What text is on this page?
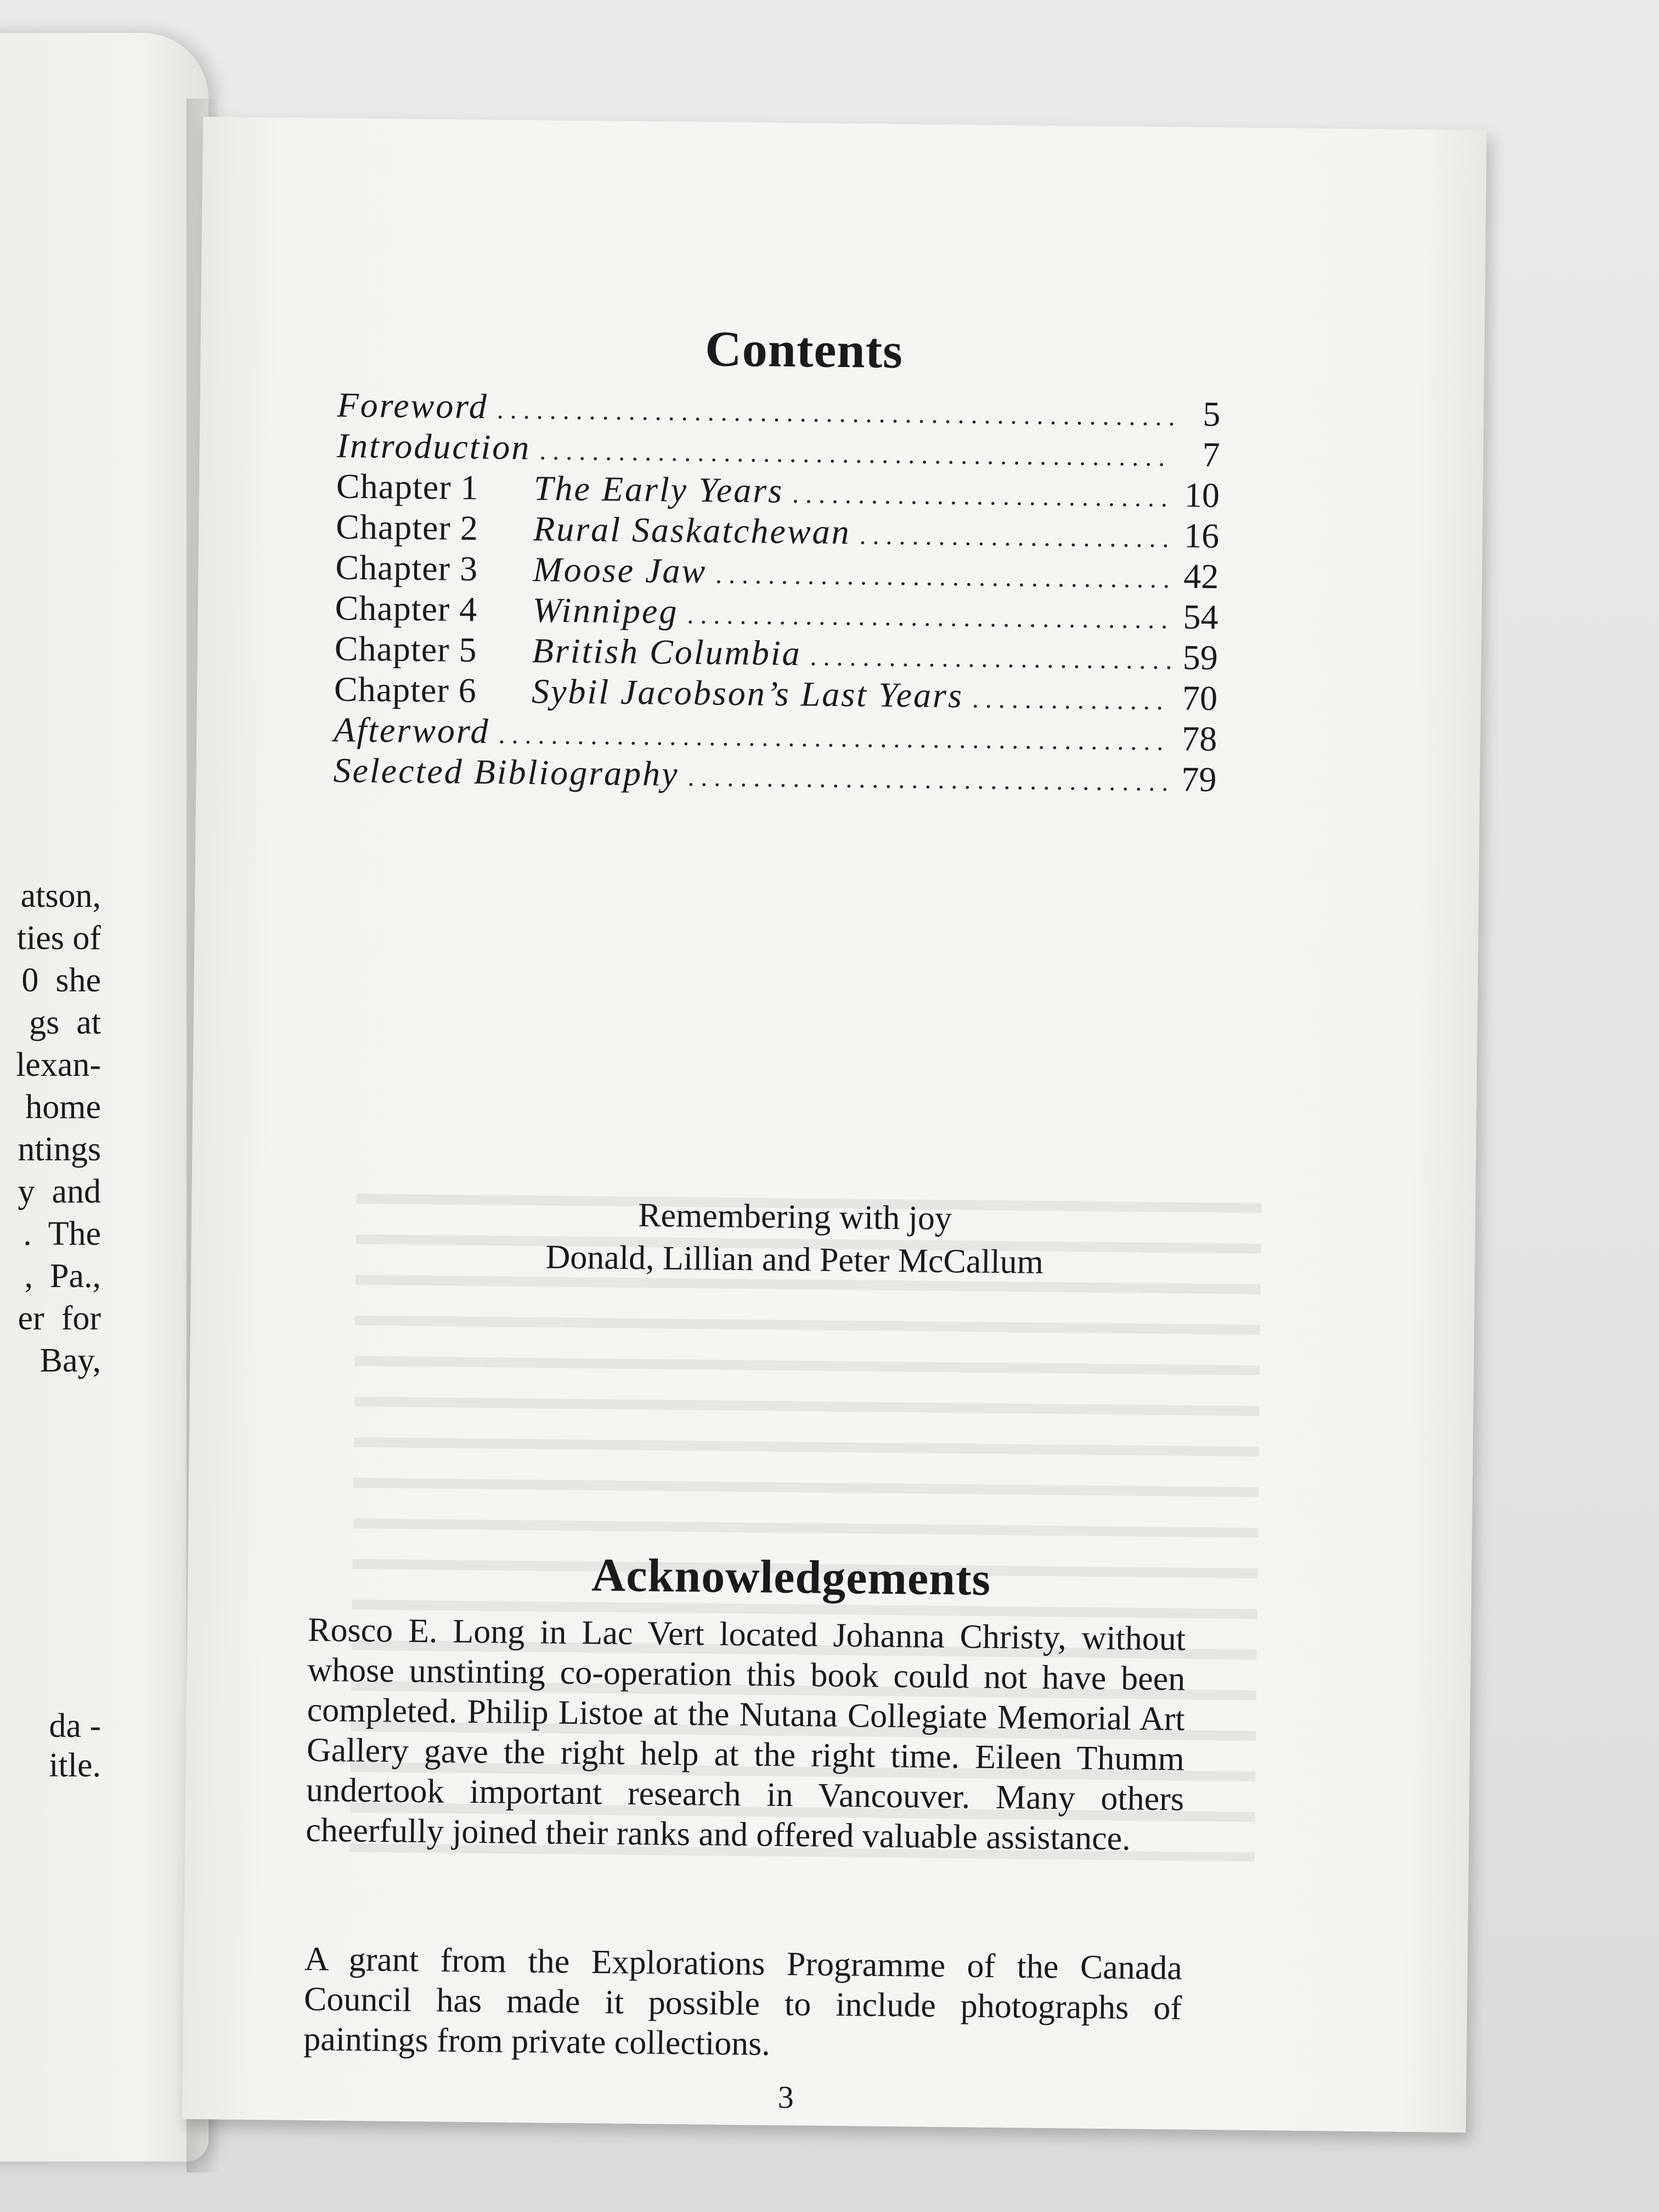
atson,
ties of
0  she
gs  at
lexan-
home
ntings
y  and
.  The
,  Pa.,
er  for
Bay,
da -
itle.
Contents
Foreword .....	5
Introduction .....	7
Chapter 1	The Early Years .....	10
Chapter 2	Rural Saskatchewan .....	16
Chapter 3	Moose Jaw .....	42
Chapter 4	Winnipeg .....	54
Chapter 5	British Columbia .....	59
Chapter 6	Sybil Jacobson’s Last Years .....	70
Afterword .....	78
Selected Bibliography .....	79
Remembering with joy
Donald, Lillian and Peter McCallum
Acknowledgements

Rosco E. Long in Lac Vert located Johanna Christy, without whose unstinting co-operation this book could not have been completed. Philip Listoe at the Nutana Collegiate Memorial Art Gallery gave the right help at the right time. Eileen Thumm undertook important research in Vancouver. Many others cheerfully joined their ranks and offered valuable assistance.

A grant from the Explorations Programme of the Canada Council has made it possible to include photographs of paintings from private collections.

3
